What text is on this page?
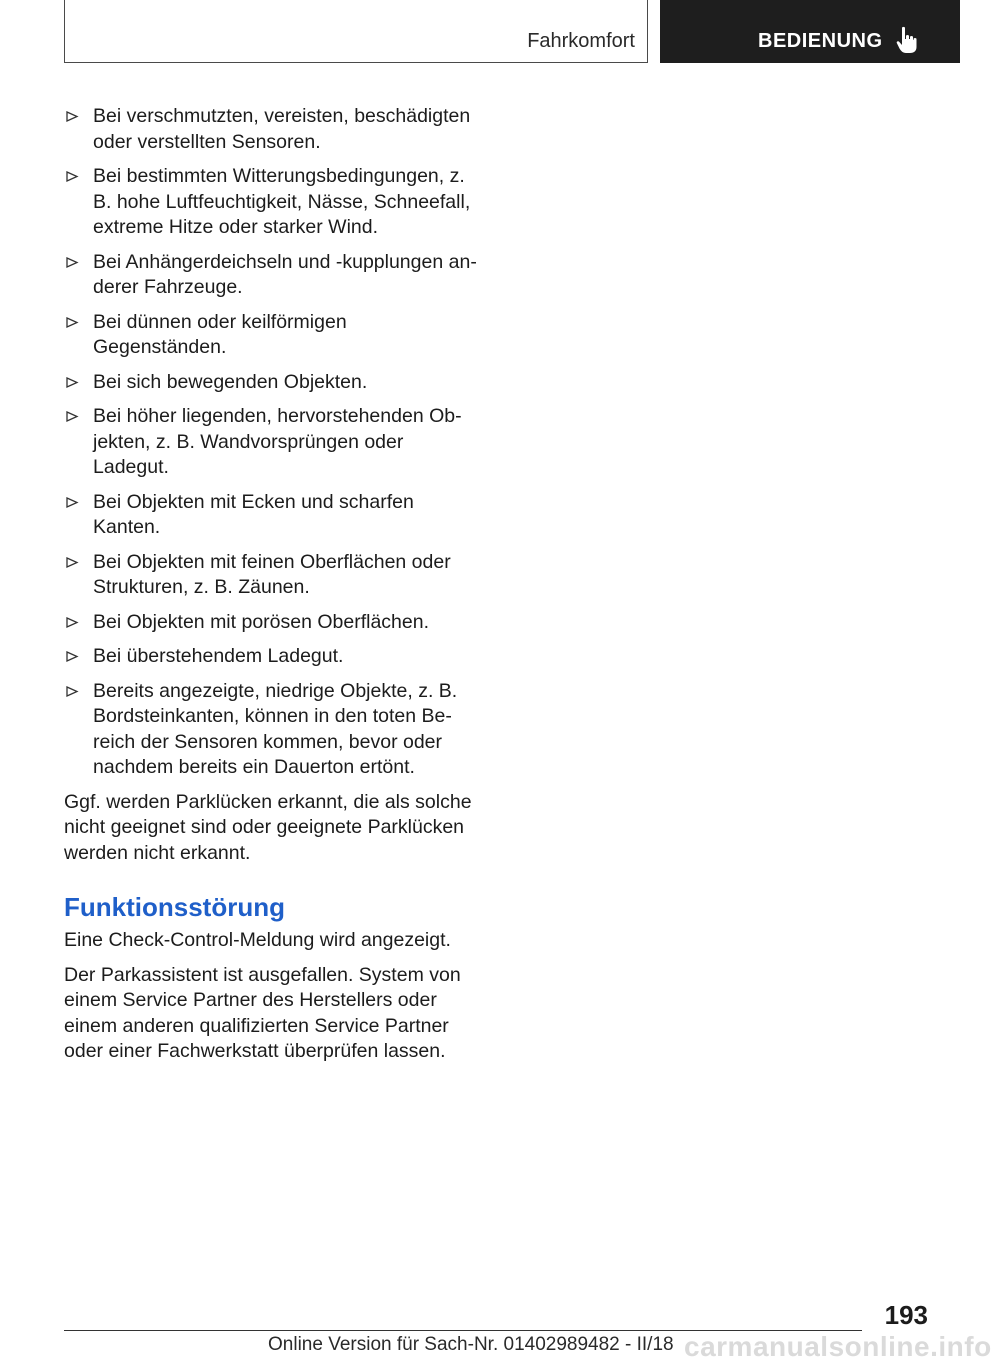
Fahrkomfort	BEDIENUNG
Bei verschmutzten, vereisten, beschädigten oder verstellten Sensoren.
Bei bestimmten Witterungsbedingungen, z. B. hohe Luftfeuchtigkeit, Nässe, Schneefall, extreme Hitze oder starker Wind.
Bei Anhängerdeichseln und ‑kupplungen anderer Fahrzeuge.
Bei dünnen oder keilförmigen Gegenständen.
Bei sich bewegenden Objekten.
Bei höher liegenden, hervorstehenden Objekten, z. B. Wandvorsprüngen oder Ladegut.
Bei Objekten mit Ecken und scharfen Kanten.
Bei Objekten mit feinen Oberflächen oder Strukturen, z. B. Zäunen.
Bei Objekten mit porösen Oberflächen.
Bei überstehendem Ladegut.
Bereits angezeigte, niedrige Objekte, z. B. Bordsteinkanten, können in den toten Bereich der Sensoren kommen, bevor oder nachdem bereits ein Dauerton ertönt.

Ggf. werden Parklücken erkannt, die als solche nicht geeignet sind oder geeignete Parklücken werden nicht erkannt.

Funktionsstörung

Eine Check-Control-Meldung wird angezeigt.

Der Parkassistent ist ausgefallen. System von einem Service Partner des Herstellers oder einem anderen qualifizierten Service Partner oder einer Fachwerkstatt überprüfen lassen.

193
Online Version für Sach-Nr. 01402989482 - II/18 carmanualsonline.info
